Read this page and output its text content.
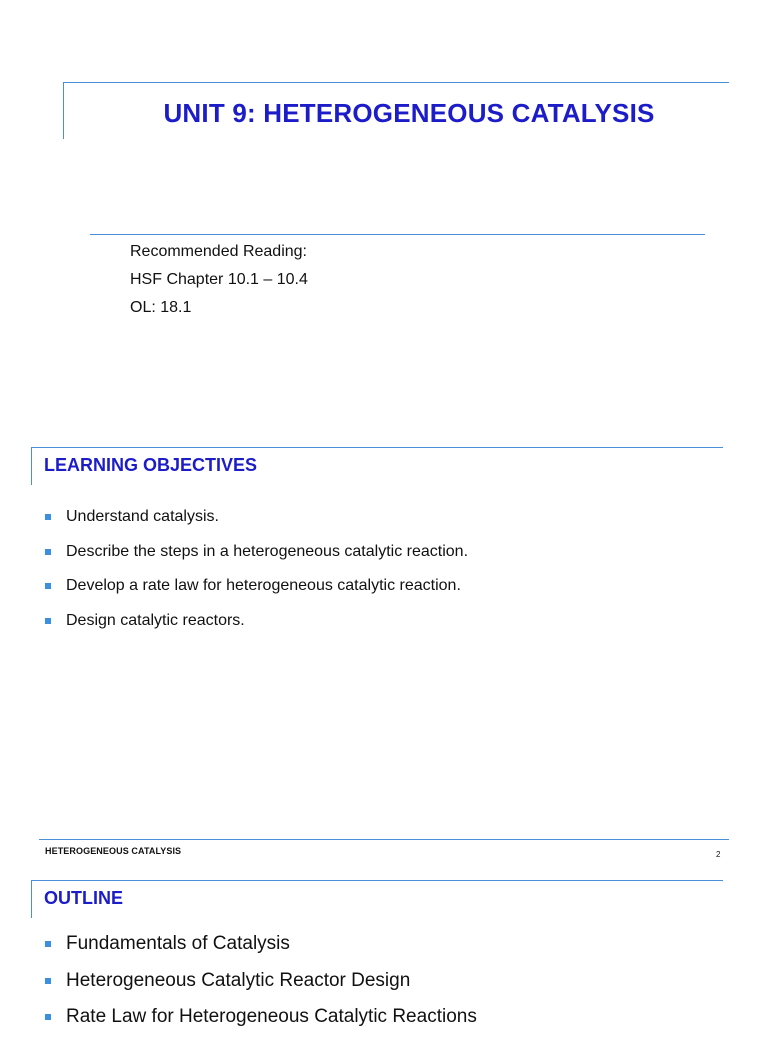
UNIT 9: HETEROGENEOUS CATALYSIS
Recommended Reading:
HSF Chapter 10.1 – 10.4
OL: 18.1
LEARNING OBJECTIVES
Understand catalysis.
Describe the steps in a heterogeneous catalytic reaction.
Develop a rate law for heterogeneous catalytic reaction.
Design catalytic reactors.
HETEROGENEOUS CATALYSIS	2
OUTLINE
Fundamentals of Catalysis
Heterogeneous Catalytic Reactor Design
Rate Law for Heterogeneous Catalytic Reactions
